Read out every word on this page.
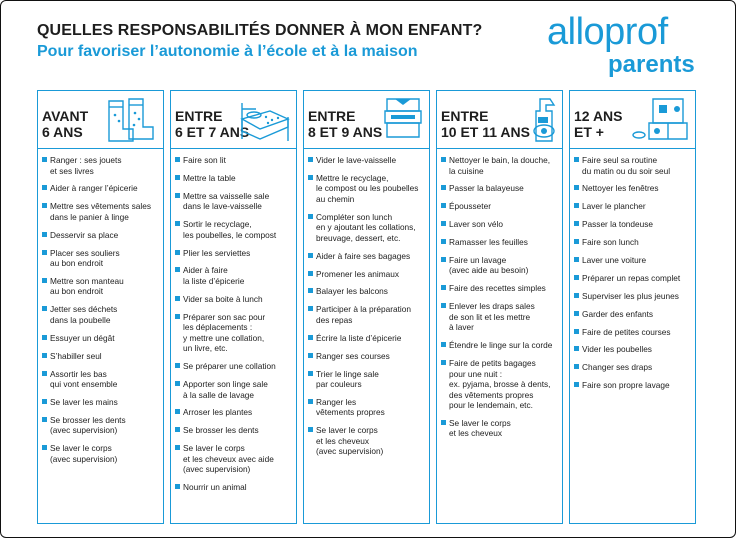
QUELLES RESPONSABILITÉS DONNER À MON ENFANT?
Pour favoriser l’autonomie à l’école et à la maison	alloprof
parents
AVANT
6 ANS
Ranger : ses jouets
et ses livres
Aider à ranger l’épicerie
Mettre ses vêtements sales
dans le panier à linge
Desservir sa place
Placer ses souliers
au bon endroit
Mettre son manteau
au bon endroit
Jetter ses déchets
dans la poubelle
Essuyer un dégât
S’habiller seul
Assortir les bas
qui vont ensemble
Se laver les mains
Se brosser les dents
(avec supervision)
Se laver le corps
(avec supervision)
ENTRE
6 ET 7 ANS
Faire son lit
Mettre la table
Mettre sa vaisselle sale
dans le lave-vaisselle
Sortir le recyclage,
les poubelles, le compost
Plier les serviettes
Aider à faire
la liste d’épicerie
Vider sa boite à lunch
Préparer son sac pour
les déplacements :
y mettre une collation,
un livre, etc.
Se préparer une collation
Apporter son linge sale
à la salle de lavage
Arroser les plantes
Se brosser les dents
Se laver le corps
et les cheveux avec aide
(avec supervision)
Nourrir un animal
ENTRE
8 ET 9 ANS
Vider le lave-vaisselle
Mettre le recyclage,
le compost ou les poubelles
au chemin
Compléter son lunch
en y ajoutant les collations,
breuvage, dessert, etc.
Aider à faire ses bagages
Promener les animaux
Balayer les balcons
Participer à la préparation
des repas
Écrire la liste d’épicerie
Ranger ses courses
Trier le linge sale
par couleurs
Ranger les
vêtements propres
Se laver le corps
et les cheveux
(avec supervision)
ENTRE
10 ET 11 ANS
Nettoyer le bain, la douche,
la cuisine
Passer la balayeuse
Épousseter
Laver son vélo
Ramasser les feuilles
Faire un lavage
(avec aide au besoin)
Faire des recettes simples
Enlever les draps sales
de son lit et les mettre
à laver
Étendre le linge sur la corde
Faire de petits bagages
pour une nuit :
ex. pyjama, brosse à dents,
des vêtements propres
pour le lendemain, etc.
Se laver le corps
et les cheveux
12 ANS
ET +
Faire seul sa routine
du matin ou du soir seul
Nettoyer les fenêtres
Laver le plancher
Passer la tondeuse
Faire son lunch
Laver une voiture
Préparer un repas complet
Superviser les plus jeunes
Garder des enfants
Faire de petites courses
Vider les poubelles
Changer ses draps
Faire son propre lavage
